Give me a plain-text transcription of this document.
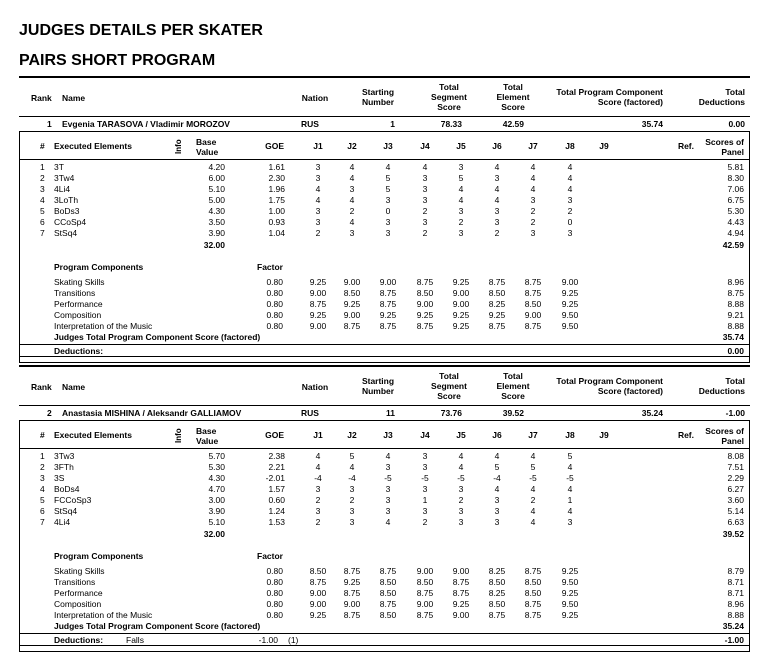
JUDGES DETAILS PER SKATER
PAIRS SHORT PROGRAM
Rank Name	Nation
Starting
Number
Total
Segment
Score
Total
Element
Score
Total Program Component
Score (factored)
Total
Deductions
1 Evgenia TARASOVA / Vladimir MOROZOV	RUS	1	78.33	42.59	35.74	0.00
# Executed Elements	Info Base
Value
GOE	J1	J2	J3	J4	J5	J6	J7	J8	J9	Ref.	Scores of
Panel
1 3T	4.20	1.61	3	4	4	4	3	4	4	4	5.81
2 3Tw4	6.00	2.30	3	4	5	3	5	3	4	4	8.30
3 4Li4	5.10	1.96	4	3	5	3	4	4	4	4	7.06
4 3LoTh	5.00	1.75	4	4	3	3	4	4	3	3	6.75
5 BoDs3	4.30	1.00	3	2	0	2	3	3	2	2	5.30
6 CCoSp4	3.50	0.93	3	4	3	3	2	3	2	0	4.43
7 StSq4	3.90	1.04	2	3	3	2	3	2	3	3	4.94
32.00	42.59
Program Components	Factor
Skating Skills	0.80	9.25	9.00	9.00	8.75	9.25	8.75	8.75	9.00	8.96
Transitions	0.80	9.00	8.50	8.75	8.50	9.00	8.50	8.75	9.25	8.75
Performance	0.80	8.75	9.25	8.75	9.00	9.00	8.25	8.50	9.25	8.88
Composition	0.80	9.25	9.00	9.25	9.25	9.25	9.25	9.00	9.50	9.21
Interpretation of the Music	0.80	9.00	8.75	8.75	8.75	9.25	8.75	8.75	9.50	8.88
Judges Total Program Component Score (factored)	35.74
Deductions:	0.00
Rank Name	Nation
Starting
Number
Total
Segment
Score
Total
Element
Score
Total Program Component
Score (factored)
Total
Deductions
2 Anastasia MISHINA / Aleksandr GALLIAMOV	RUS	11	73.76	39.52	35.24	-1.00
# Executed Elements	Info Base
Value
GOE	J1	J2	J3	J4	J5	J6	J7	J8	J9	Ref.	Scores of
Panel
1 3Tw3	5.70	2.38	4	5	4	3	4	4	4	5	8.08
2 3FTh	5.30	2.21	4	4	3	3	4	5	5	4	7.51
3 3S	4.30	-2.01	-4	-4	-5	-5	-5	-4	-5	-5	2.29
4 BoDs4	4.70	1.57	3	3	3	3	3	4	4	4	6.27
5 FCCoSp3	3.00	0.60	2	2	3	1	2	3	2	1	3.60
6 StSq4	3.90	1.24	3	3	3	3	3	3	4	4	5.14
7 4Li4	5.10	1.53	2	3	4	2	3	3	4	3	6.63
32.00	39.52
Program Components	Factor
Skating Skills	0.80	8.50	8.75	8.75	9.00	9.00	8.25	8.75	9.25	8.79
Transitions	0.80	8.75	9.25	8.50	8.50	8.75	8.50	8.50	9.50	8.71
Performance	0.80	9.00	8.75	8.50	8.75	8.75	8.25	8.50	9.25	8.71
Composition	0.80	9.00	9.00	8.75	9.00	9.25	8.50	8.75	9.50	8.96
Interpretation of the Music	0.80	9.25	8.75	8.50	8.75	9.00	8.75	8.75	9.25	8.88
Judges Total Program Component Score (factored)	35.24
Deductions:	Falls	-1.00 (1)	-1.00
